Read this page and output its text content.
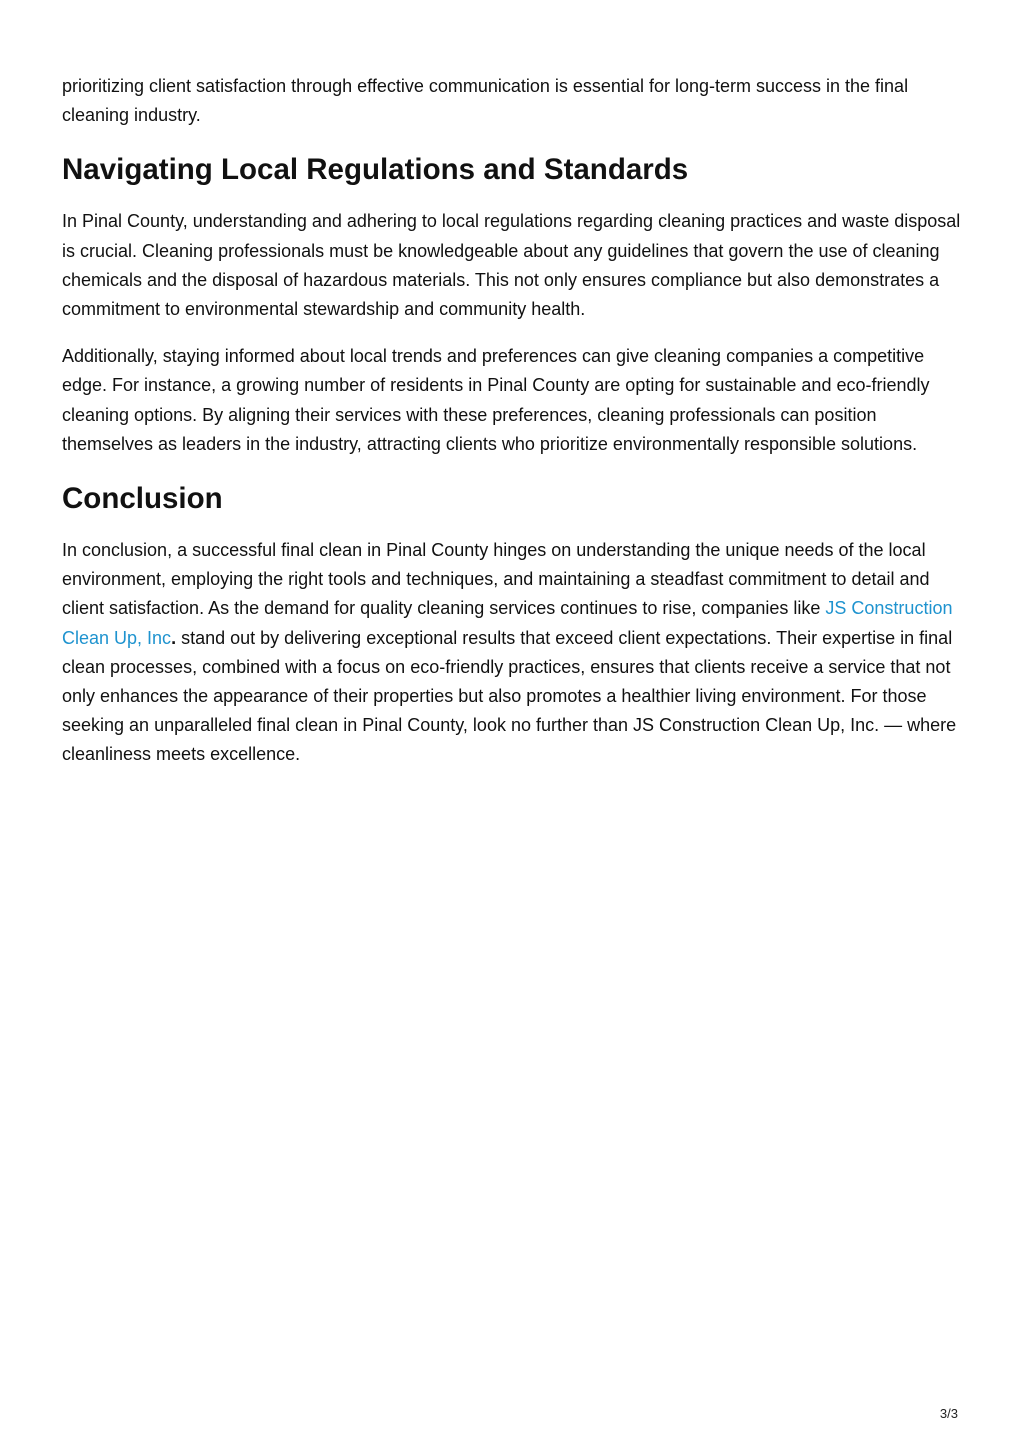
prioritizing client satisfaction through effective communication is essential for long-term success in the final cleaning industry.

Navigating Local Regulations and Standards

In Pinal County, understanding and adhering to local regulations regarding cleaning practices and waste disposal is crucial. Cleaning professionals must be knowledgeable about any guidelines that govern the use of cleaning chemicals and the disposal of hazardous materials. This not only ensures compliance but also demonstrates a commitment to environmental stewardship and community health.

Additionally, staying informed about local trends and preferences can give cleaning companies a competitive edge. For instance, a growing number of residents in Pinal County are opting for sustainable and eco-friendly cleaning options. By aligning their services with these preferences, cleaning professionals can position themselves as leaders in the industry, attracting clients who prioritize environmentally responsible solutions.

Conclusion

In conclusion, a successful final clean in Pinal County hinges on understanding the unique needs of the local environment, employing the right tools and techniques, and maintaining a steadfast commitment to detail and client satisfaction. As the demand for quality cleaning services continues to rise, companies like JS Construction Clean Up, Inc. stand out by delivering exceptional results that exceed client expectations. Their expertise in final clean processes, combined with a focus on eco-friendly practices, ensures that clients receive a service that not only enhances the appearance of their properties but also promotes a healthier living environment. For those seeking an unparalleled final clean in Pinal County, look no further than JS Construction Clean Up, Inc. — where cleanliness meets excellence.

3/3
